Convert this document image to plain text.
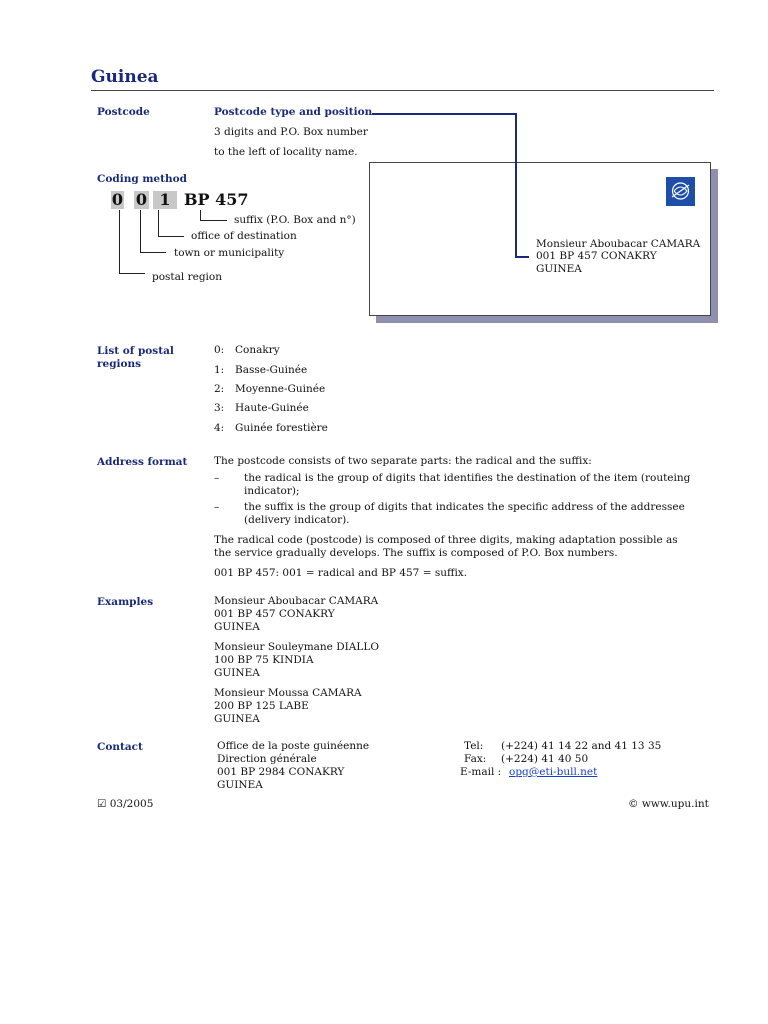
Guinea
Postcode	Postcode type and position
3 digits and P.O. Box number
to the left of locality name.
Coding method
0 0 1 BP 457
suffix (P.O. Box and n°)
office of destination
town or municipality
postal region
Monsieur Aboubacar CAMARA
001 BP 457 CONAKRY
GUINEA
List of postal
regions
0: Conakry
1: Basse-Guinée
2: Moyenne-Guinée
3: Haute-Guinée
4: Guinée forestière
Address format	The postcode consists of two separate parts: the radical and the suffix:
– the radical is the group of digits that identifies the destination of the item (routeing
indicator);
– the suffix is the group of digits that indicates the specific address of the addressee
(delivery indicator).
The radical code (postcode) is composed of three digits, making adaptation possible as
the service gradually develops. The suffix is composed of P.O. Box numbers.
001 BP 457: 001 = radical and BP 457 = suffix.
Examples	Monsieur Aboubacar CAMARA
001 BP 457 CONAKRY
GUINEA
Monsieur Souleymane DIALLO
100 BP 75 KINDIA
GUINEA
Monsieur Moussa CAMARA
200 BP 125 LABE
GUINEA
Contact	Office de la poste guinéenne
Direction générale
001 BP 2984 CONAKRY
GUINEA
Tel: (+224) 41 14 22 and 41 13 35
Fax: (+224) 41 40 50
E-mail : opg@eti-bull.net
☑ 03/2005	© www.upu.int
